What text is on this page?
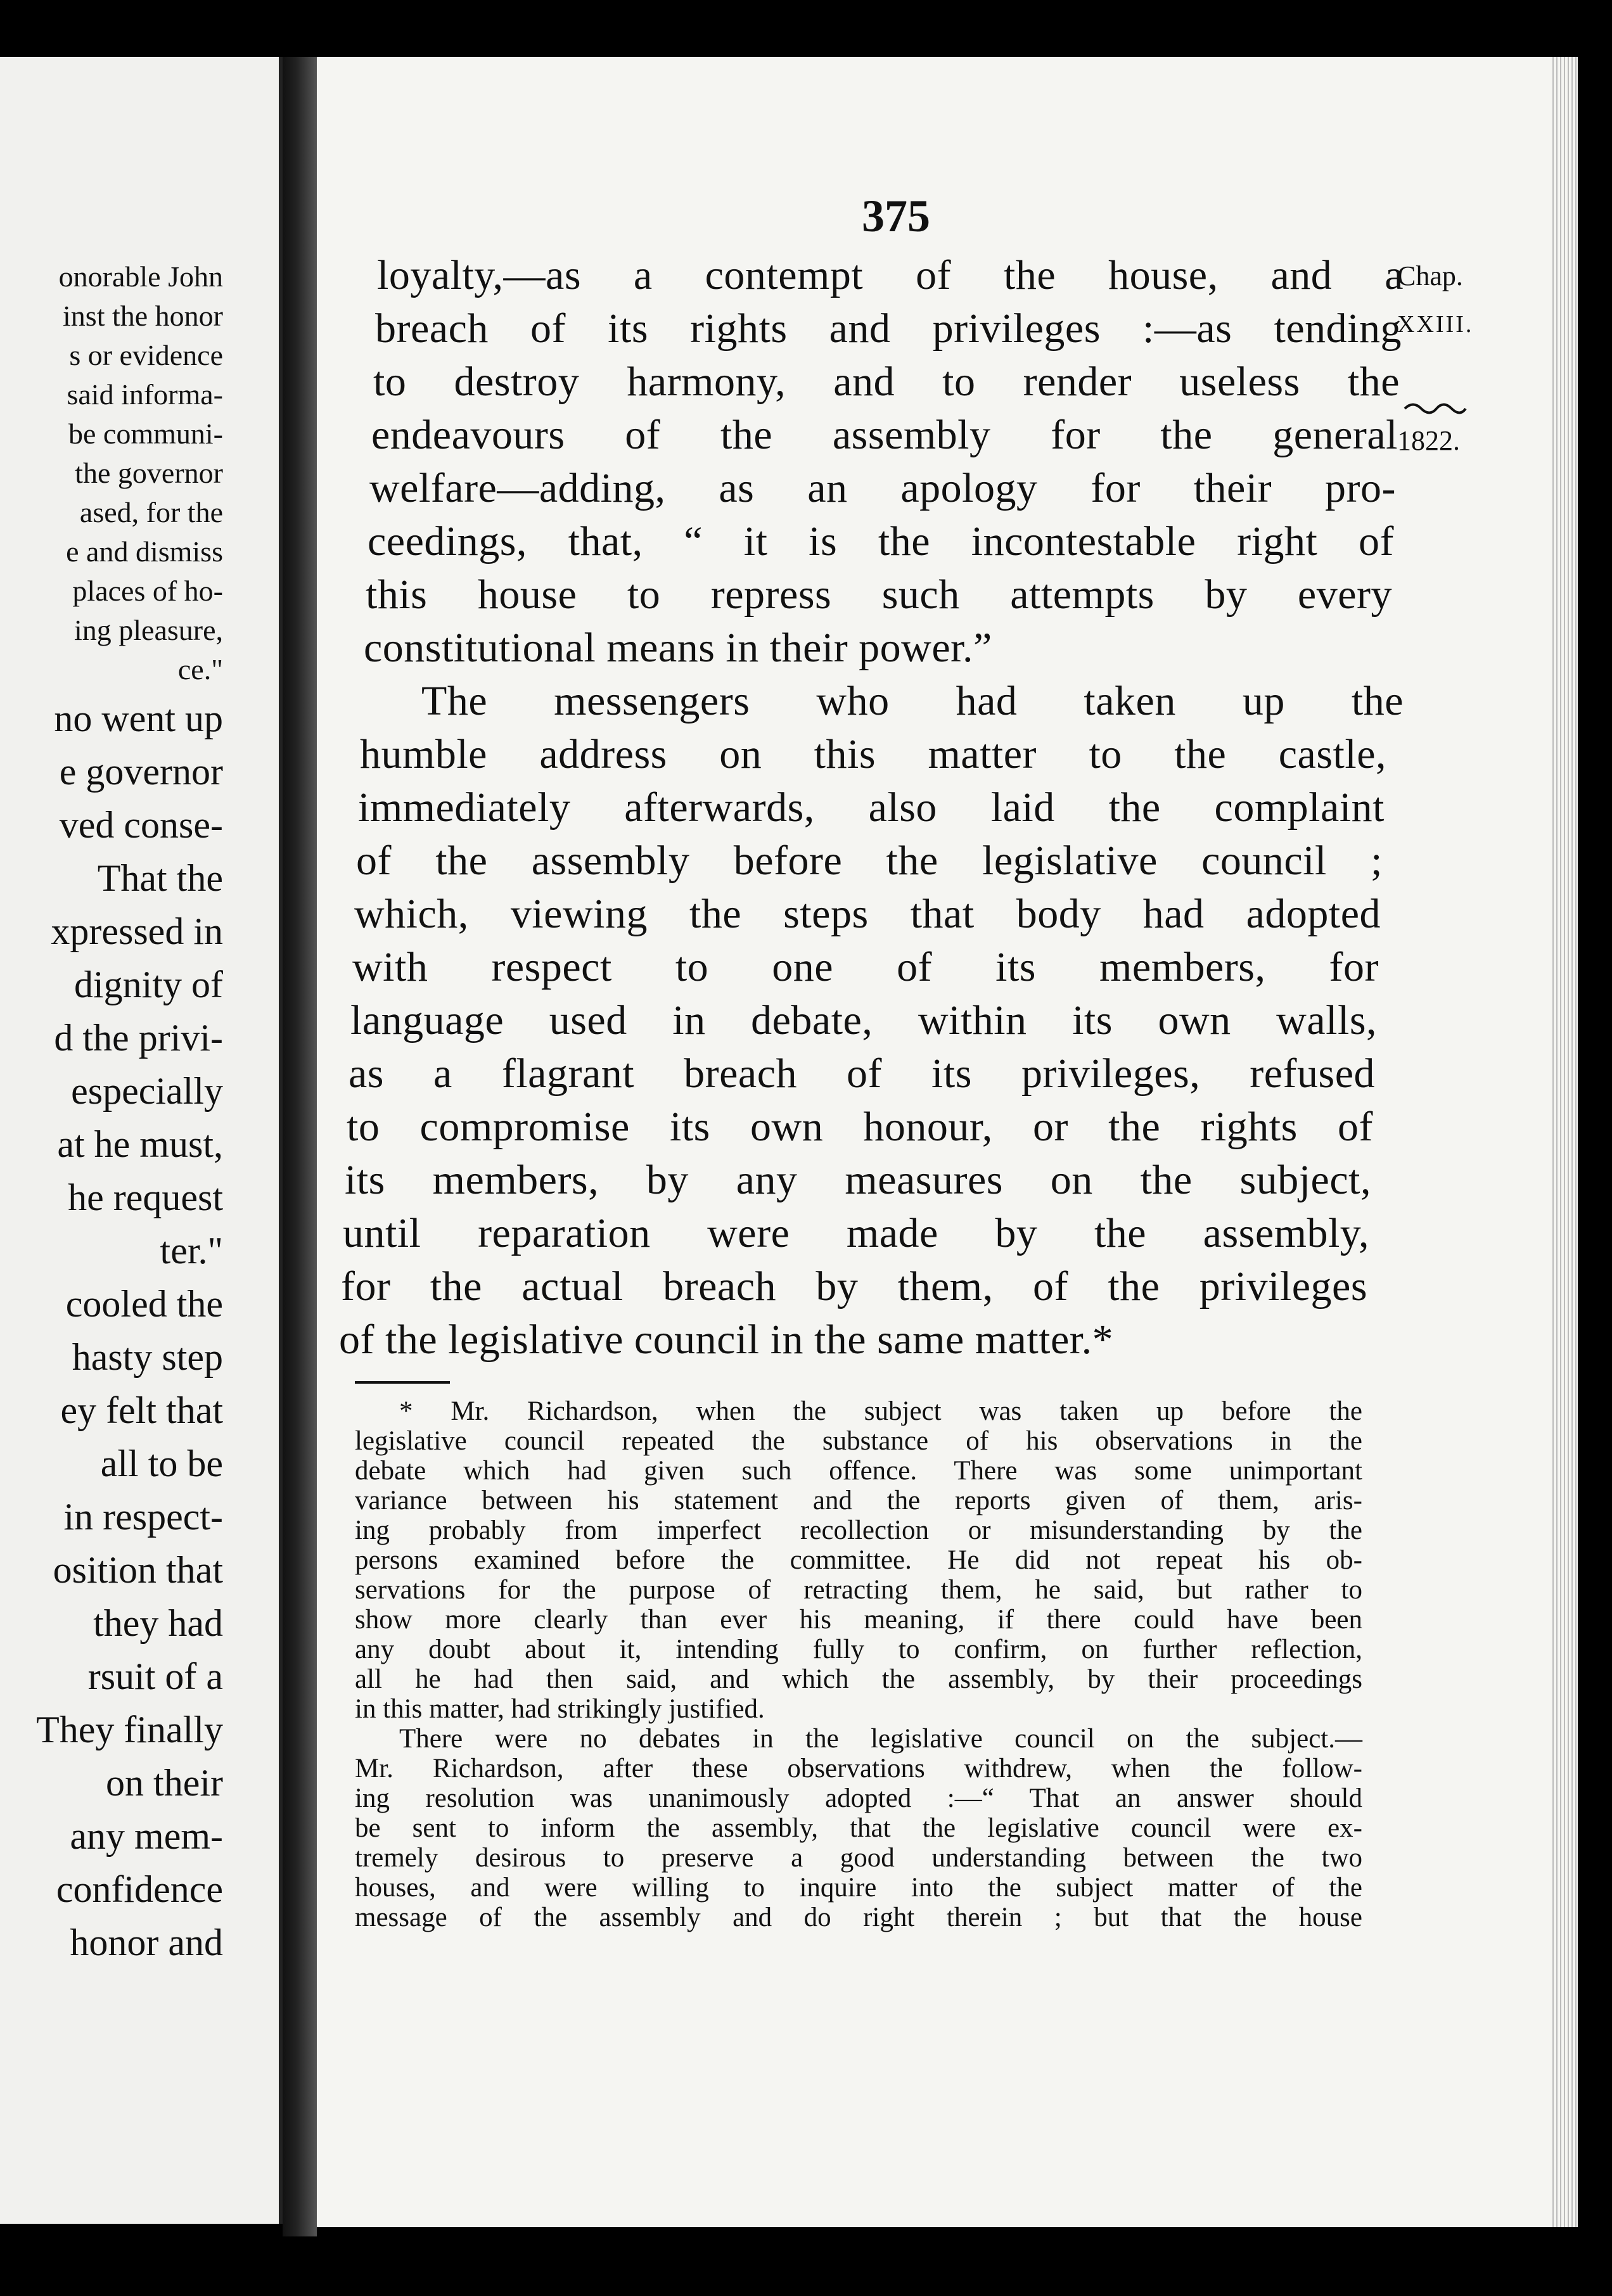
onorable John
inst the honor
s or evidence
said informa-
be communi-
the governor
ased, for the
e and dismiss
places of ho-
ing pleasure,
ce."
no went up
e governor
ved conse-
That the
xpressed in
dignity of
d the privi-
especially
at he must,
he request
ter."
cooled the
hasty step
ey felt that
all to be
in respect-
osition that
they had
rsuit of a
They finally
on their
any mem-
confidence
honor and
375
Chap.
XXIII.
1822.
loyalty,—as a contempt of the house, and a
breach of its rights and privileges :—as tending
to destroy harmony, and to render useless the
endeavours of the assembly for the general
welfare—adding, as an apology for their pro-
ceedings, that, “ it is the incontestable right of
this house to repress such attempts by every
constitutional means in their power.”
The messengers who had taken up the
humble address on this matter to the castle,
immediately afterwards, also laid the complaint
of the assembly before the legislative council ;
which, viewing the steps that body had adopted
with respect to one of its members, for
language used in debate, within its own walls,
as a flagrant breach of its privileges, refused
to compromise its own honour, or the rights of
its members, by any measures on the subject,
until reparation were made by the assembly,
for the actual breach by them, of the privileges
of the legislative council in the same matter.*
* Mr. Richardson, when the subject was taken up before the
legislative council repeated the substance of his observations in the
debate which had given such offence. There was some unimportant
variance between his statement and the reports given of them, aris-
ing probably from imperfect recollection or misunderstanding by the
persons examined before the committee. He did not repeat his ob-
servations for the purpose of retracting them, he said, but rather to
show more clearly than ever his meaning, if there could have been
any doubt about it, intending fully to confirm, on further reflection,
all he had then said, and which the assembly, by their proceedings
in this matter, had strikingly justified.
There were no debates in the legislative council on the subject.—
Mr. Richardson, after these observations withdrew, when the follow-
ing resolution was unanimously adopted :—“ That an answer should
be sent to inform the assembly, that the legislative council were ex-
tremely desirous to preserve a good understanding between the two
houses, and were willing to inquire into the subject matter of the
message of the assembly and do right therein ; but that the house
